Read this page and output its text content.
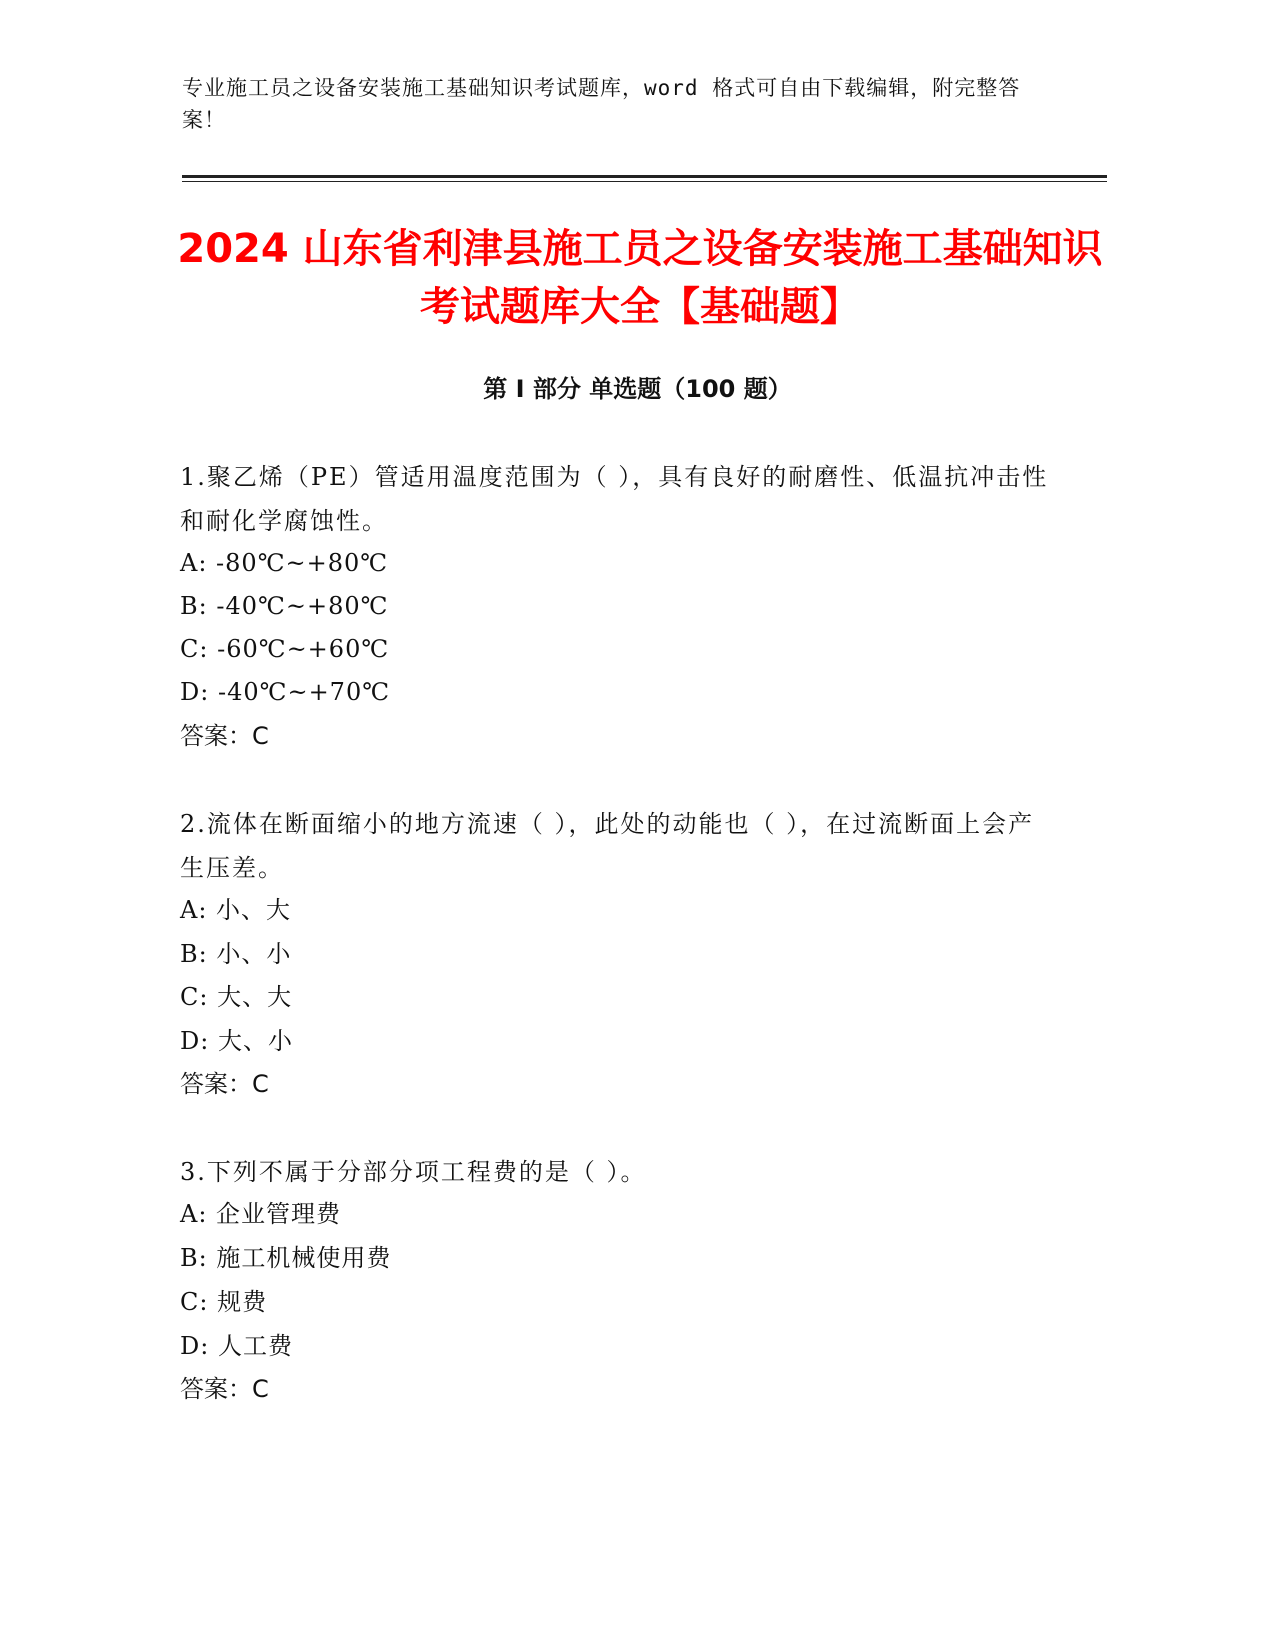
专业施工员之设备安装施工基础知识考试题库，word 格式可自由下载编辑，附完整答案！
2024 山东省利津县施工员之设备安装施工基础知识考试题库大全【基础题】
第 I 部分 单选题（100 题）
1.聚乙烯（PE）管适用温度范围为（ ），具有良好的耐磨性、低温抗冲击性和耐化学腐蚀性。
A: -80℃~+80℃
B: -40℃~+80℃
C: -60℃~+60℃
D: -40℃~+70℃
答案：C
2.流体在断面缩小的地方流速（ ），此处的动能也（ ），在过流断面上会产生压差。
A: 小、大
B: 小、小
C: 大、大
D: 大、小
答案：C
3.下列不属于分部分项工程费的是（ ）。
A: 企业管理费
B: 施工机械使用费
C: 规费
D: 人工费
答案：C
